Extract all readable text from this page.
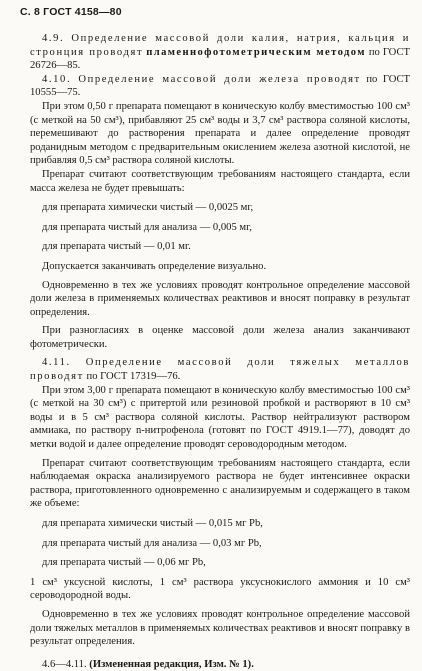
С. 8 ГОСТ 4158—80

4.9. Определение массовой доли калия, натрия, кальция и стронция проводят пламеннофотометрическим методом по ГОСТ 26726—85.

4.10. Определение массовой доли железа проводят по ГОСТ 10555—75.

При этом 0,50 г препарата помещают в коническую колбу вместимостью 100 см³ (с меткой на 50 см³), прибавляют 25 см³ воды и 3,7 см³ раствора соляной кислоты, перемешивают до растворения препарата и далее определение проводят роданидным методом с предварительным окислением железа азотной кислотой, не прибавляя 0,5 см³ раствора соляной кислоты.

Препарат считают соответствующим требованиям настоящего стандарта, если масса железа не будет превышать:

для препарата химически чистый — 0,0025 мг,

для препарата чистый для анализа — 0,005 мг,

для препарата чистый — 0,01 мг.

Допускается заканчивать определение визуально.

Одновременно в тех же условиях проводят контрольное определение массовой доли железа в применяемых количествах реактивов и вносят поправку в результат определения.

При разногласиях в оценке массовой доли железа анализ заканчивают фотометрически.

4.11. Определение массовой доли тяжелых металлов проводят по ГОСТ 17319—76.

При этом 3,00 г препарата помещают в коническую колбу вместимостью 100 см³ (с меткой на 30 см³) с притертой или резиновой пробкой и растворяют в 10 см³ воды и в 5 см³ раствора соляной кислоты. Раствор нейтрализуют раствором аммиака, по раствору n-нитрофенола (готовят по ГОСТ 4919.1—77), доводят до метки водой и далее определение проводят сероводородным методом.

Препарат считают соответствующим требованиям настоящего стандарта, если наблюдаемая окраска анализируемого раствора не будет интенсивнее окраски раствора, приготовленного одновременно с анализируемым и содержащего в таком же объеме:

для препарата химически чистый — 0,015 мг Pb,

для препарата чистый для анализа — 0,03 мг Pb,

для препарата чистый — 0,06 мг Pb,

1 см³ уксусной кислоты, 1 см³ раствора уксуснокислого аммония и 10 см³ сероводородной воды.

Одновременно в тех же условиях проводят контрольное определение массовой доли тяжелых металлов в применяемых количествах реактивов и вносят поправку в результат определения.

4.6—4.11. (Измененная редакция, Изм. № 1).
